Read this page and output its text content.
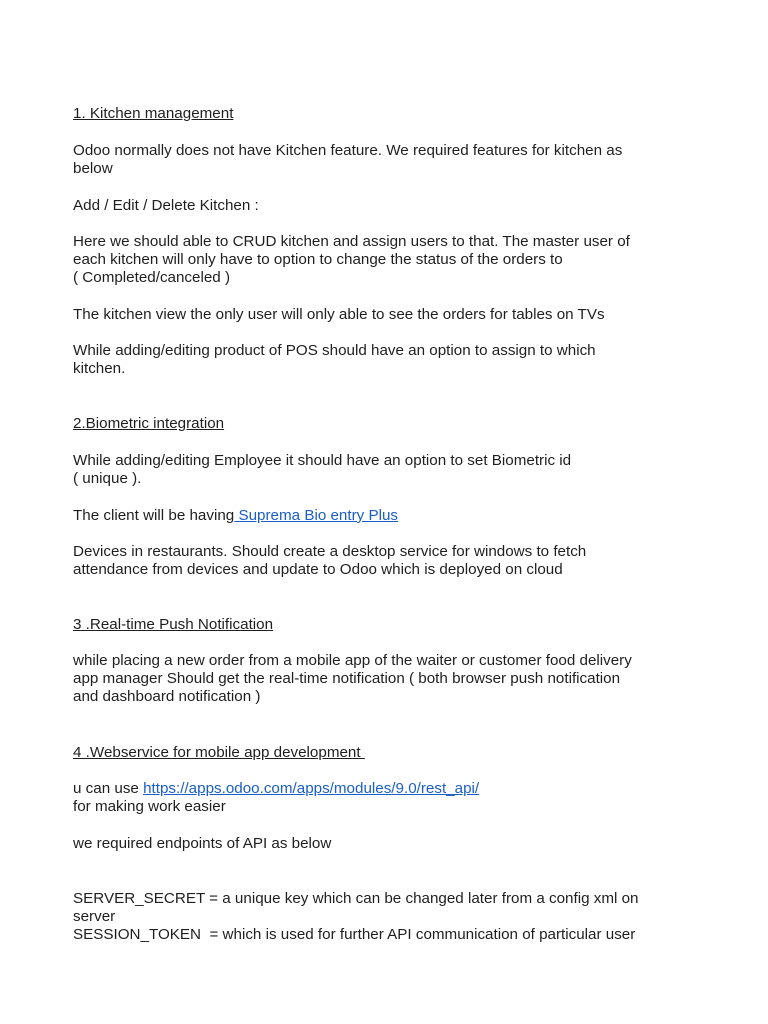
1. Kitchen management
Odoo normally does not have Kitchen feature. We required features for kitchen as
below
Add / Edit / Delete Kitchen :
Here we should able to CRUD kitchen and assign users to that. The master user of
each kitchen will only have to option to change the status of the orders to
( Completed/canceled )
The kitchen view the only user will only able to see the orders for tables on TVs
While adding/editing product of POS should have an option to assign to which
kitchen.
2.Biometric integration
While adding/editing Employee it should have an option to set Biometric id
( unique ).
The client will be having Suprema Bio entry Plus
Devices in restaurants. Should create a desktop service for windows to fetch
attendance from devices and update to Odoo which is deployed on cloud
3 .Real-time Push Notification
while placing a new order from a mobile app of the waiter or customer food delivery
app manager Should get the real-time notification ( both browser push notification
and dashboard notification )
4 .Webservice for mobile app development
u can use https://apps.odoo.com/apps/modules/9.0/rest_api/
for making work easier
we required endpoints of API as below
SERVER_SECRET = a unique key which can be changed later from a config xml on
server
SESSION_TOKEN  = which is used for further API communication of particular user
